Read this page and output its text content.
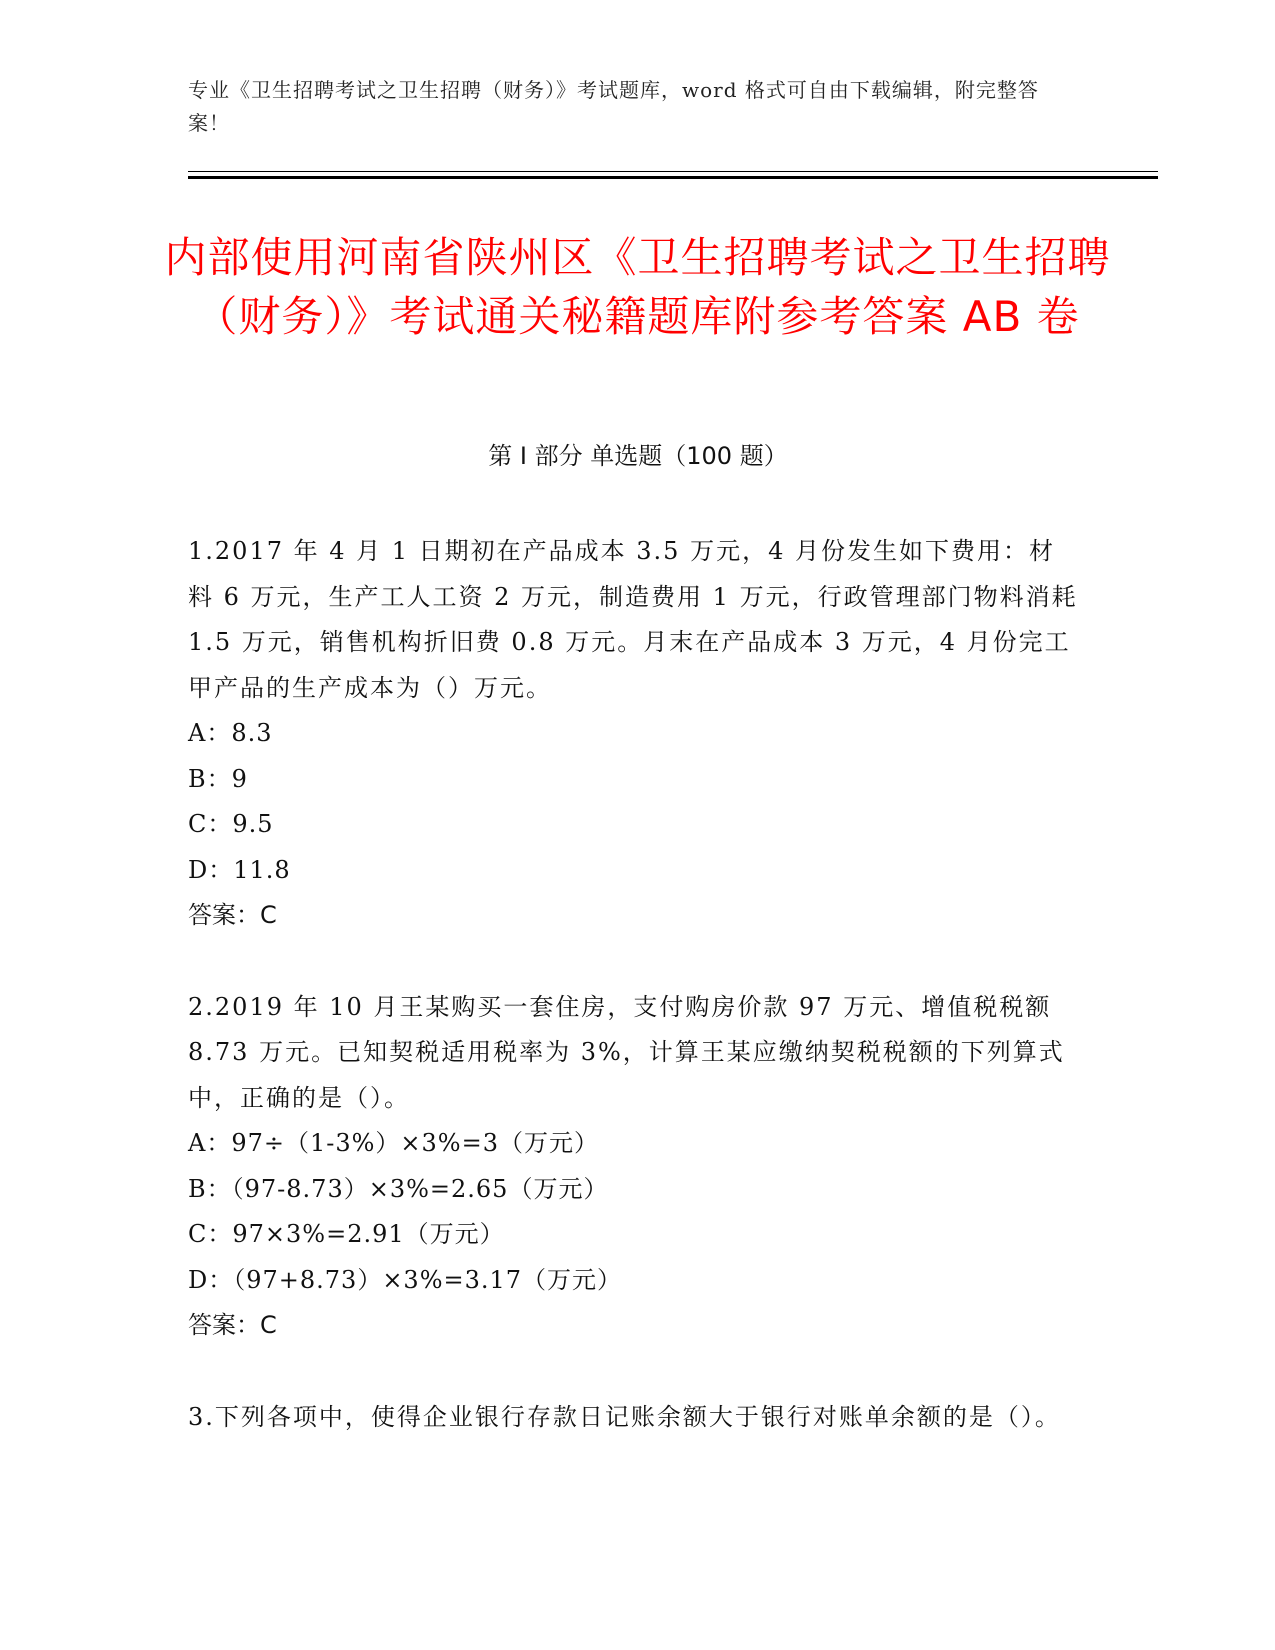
专业《卫生招聘考试之卫生招聘（财务）》考试题库，word 格式可自由下载编辑，附完整答案！
内部使用河南省陕州区《卫生招聘考试之卫生招聘（财务）》考试通关秘籍题库附参考答案 AB 卷
第 I 部分 单选题（100 题）

1.2017 年 4 月 1 日期初在产品成本 3.5 万元，4 月份发生如下费用：材料 6 万元，生产工人工资 2 万元，制造费用 1 万元，行政管理部门物料消耗 1.5 万元，销售机构折旧费 0.8 万元。月末在产品成本 3 万元，4 月份完工甲产品的生产成本为（）万元。

A：8.3

B：9

C：9.5

D：11.8

答案：C

2.2019 年 10 月王某购买一套住房，支付购房价款 97 万元、增值税税额 8.73 万元。已知契税适用税率为 3%，计算王某应缴纳契税税额的下列算式中，正确的是（）。

A：97÷（1-3%）×3%=3（万元）

B：（97-8.73）×3%=2.65（万元）

C：97×3%=2.91（万元）

D：（97+8.73）×3%=3.17（万元）

答案：C

3.下列各项中，使得企业银行存款日记账余额大于银行对账单余额的是（）。
